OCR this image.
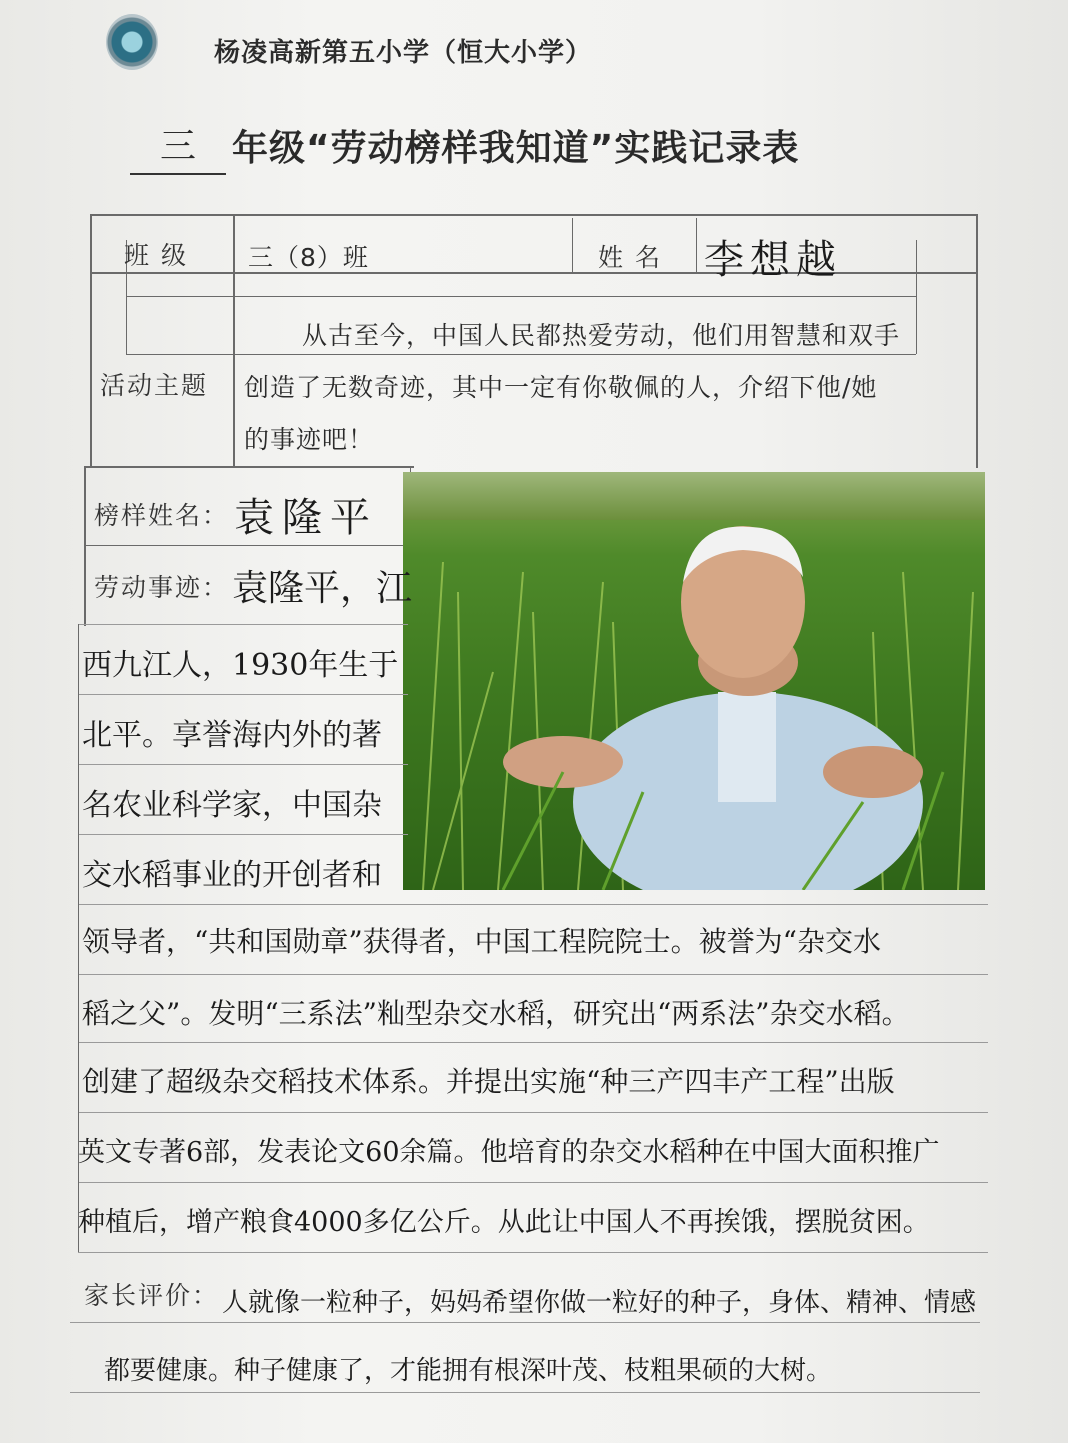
杨凌高新第五小学（恒大小学）
三	年级“劳动榜样我知道”实践记录表
班 级 三（8）班	姓 名 李想越
活动主题
从古至今，中国人民都热爱劳动，他们用智慧和双手
创造了无数奇迹，其中一定有你敬佩的人，介绍下他/她
的事迹吧！
榜样姓名： 袁隆平
劳动事迹： 袁隆平，江
西九江人，1930年生于
北平。享誉海内外的著
名农业科学家，中国杂
交水稻事业的开创者和
领导者，“共和国勋章”获得者，中国工程院院士。被誉为“杂交水
稻之父”。发明“三系法”籼型杂交水稻，研究出“两系法”杂交水稻。
创建了超级杂交稻技术体系。并提出实施“种三产四丰产工程”出版
英文专著6部，发表论文60余篇。他培育的杂交水稻种在中国大面积推广
种植后，增产粮食4000多亿公斤。从此让中国人不再挨饿，摆脱贫困。
家长评价： 人就像一粒种子，妈妈希望你做一粒好的种子，身体、精神、情感
都要健康。种子健康了，才能拥有根深叶茂、枝粗果硕的大树。
